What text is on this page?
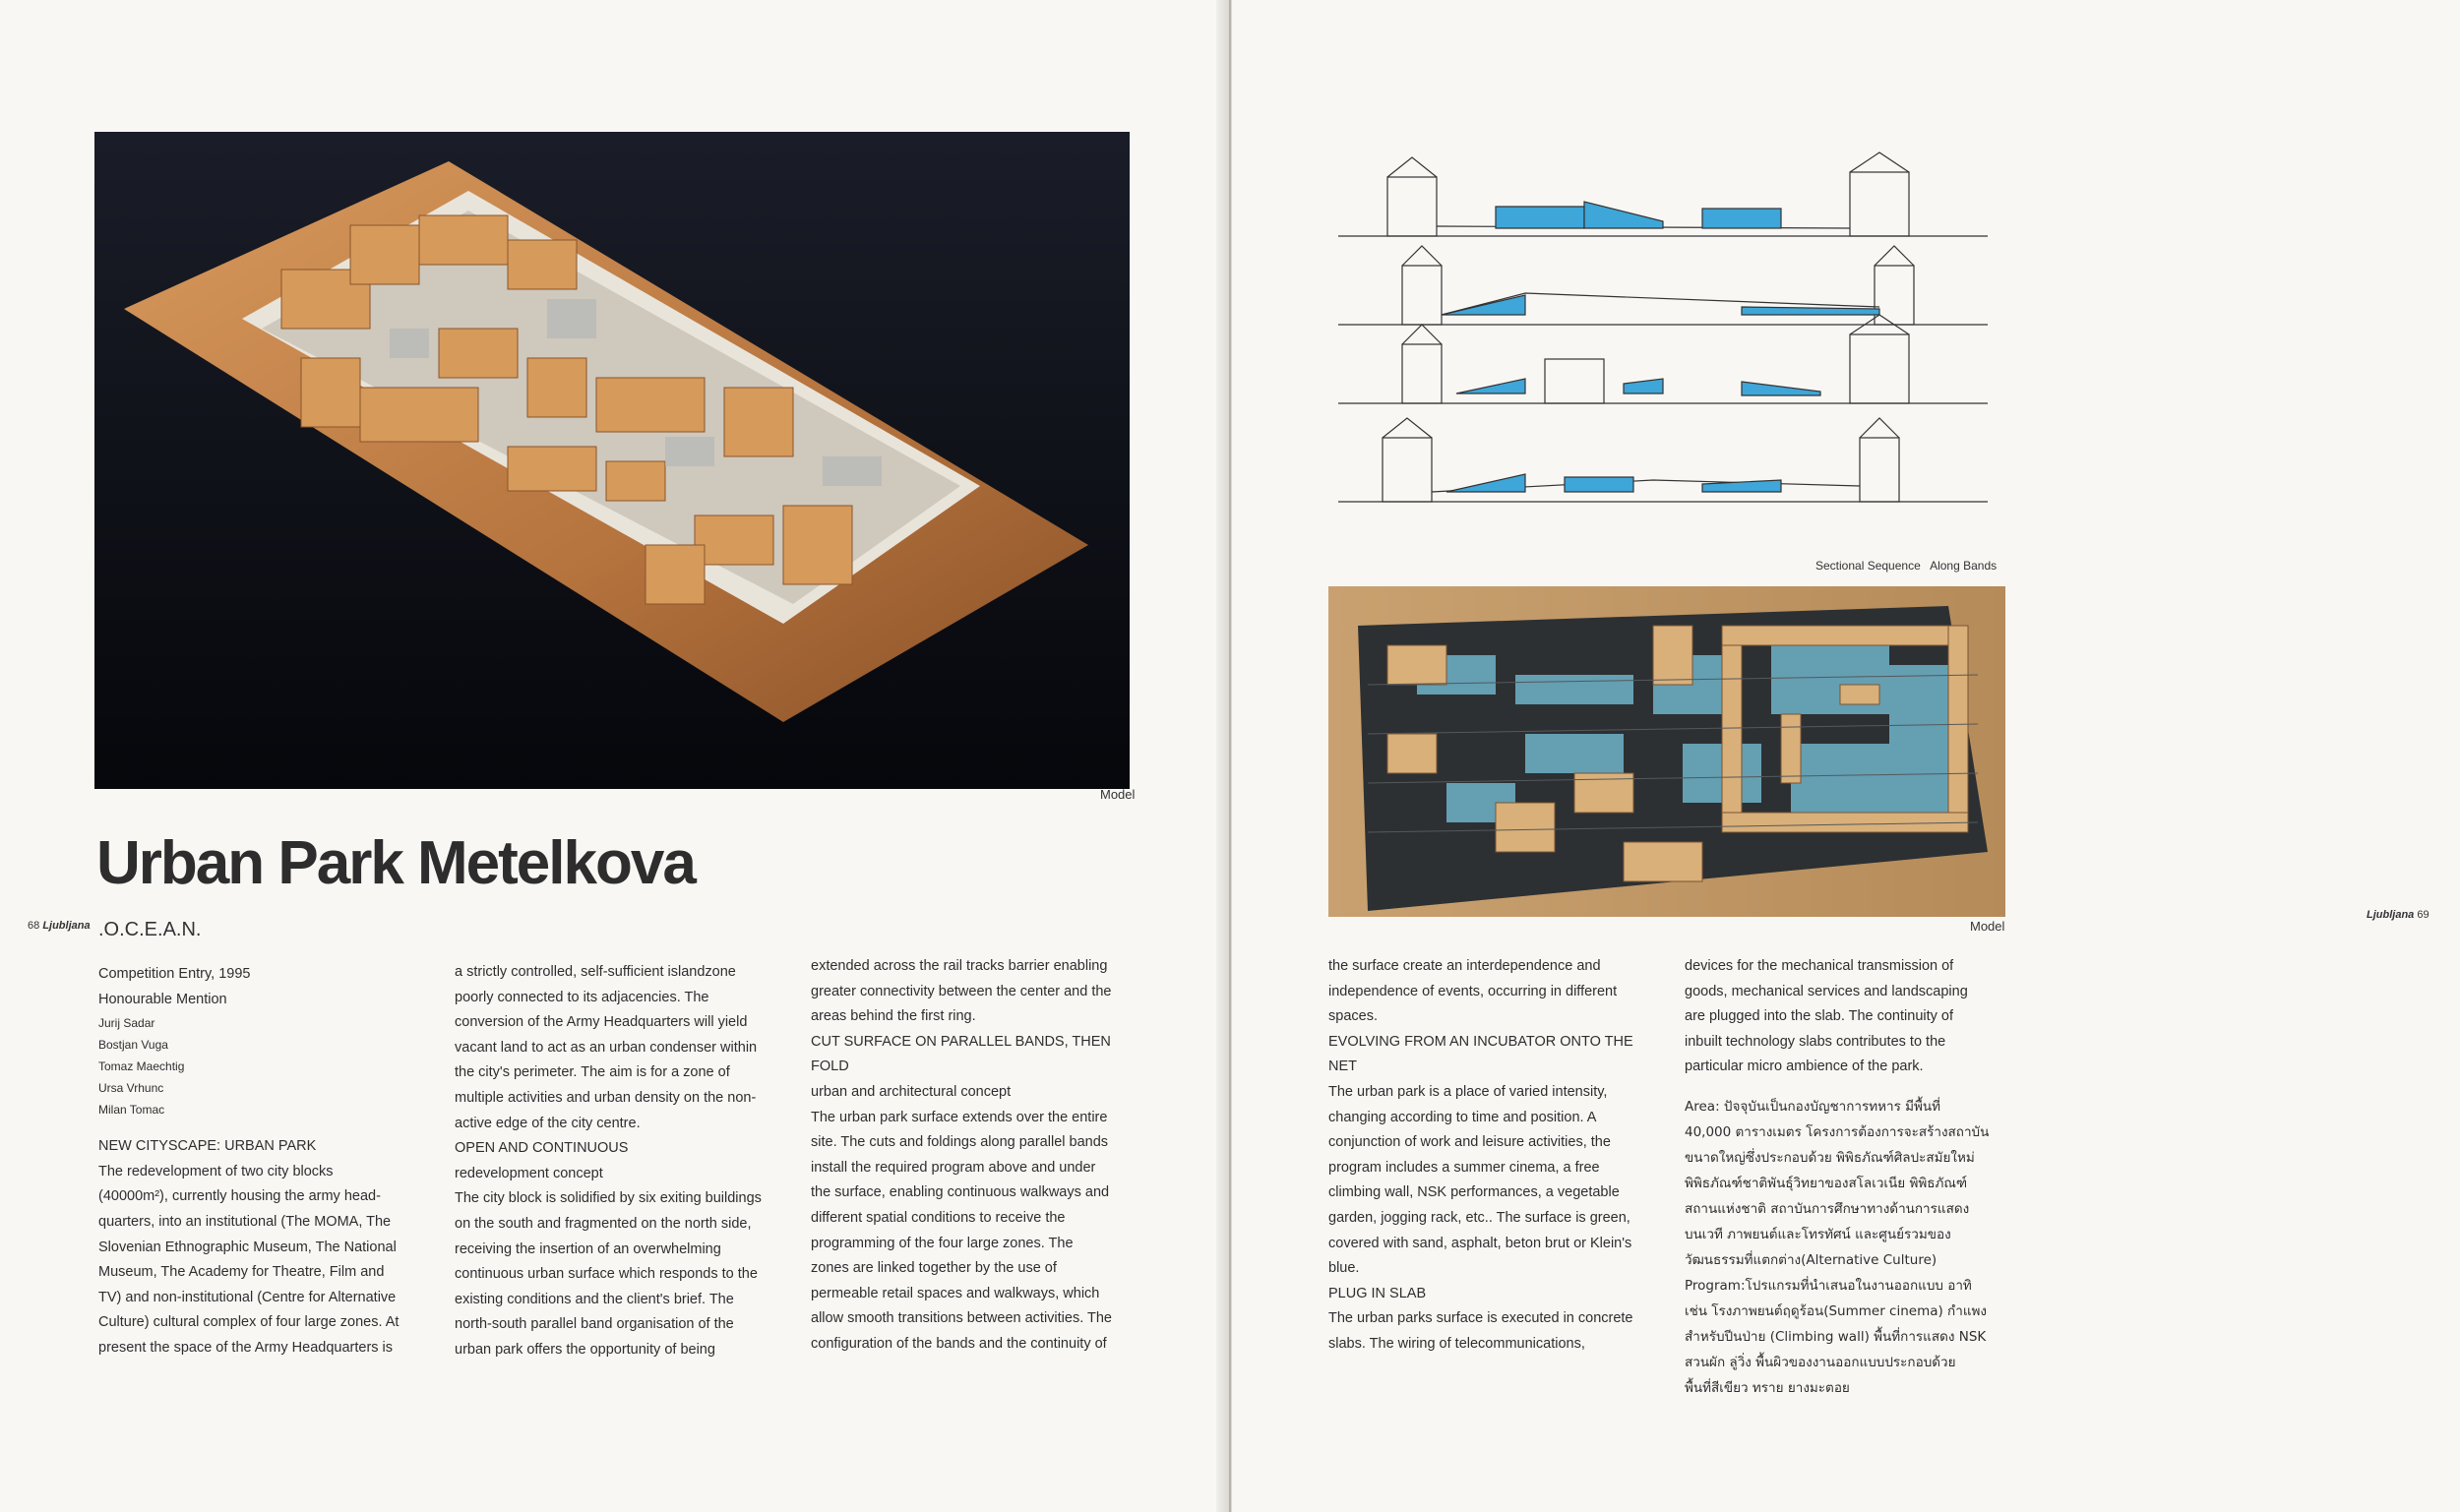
Model
Urban Park Metelkova
68 Ljubljana .O.C.E.A.N.

Competition Entry, 1995

Honourable Mention

Jurij Sadar
Bostjan Vuga
Tomaz Maechtig
Ursa Vrhunc
Milan Tomac

NEW CITYSCAPE: URBAN PARK

The redevelopment of two city blocks

(40000m²), currently housing the army head-

quarters, into an institutional (The MOMA, The

Slovenian Ethnographic Museum, The National

Museum, The Academy for Theatre, Film and

TV) and non-institutional (Centre for Alternative

Culture) cultural complex of four large zones. At

present the space of the Army Headquarters is

a strictly controlled, self-sufficient islandzone

poorly connected to its adjacencies. The

conversion of the Army Headquarters will yield

vacant land to act as an urban condenser within

the city's perimeter. The aim is for a zone of

multiple activities and urban density on the non-

active edge of the city centre.

OPEN AND CONTINUOUS

redevelopment concept

The city block is solidified by six exiting buildings

on the south and fragmented on the north side,

receiving the insertion of an overwhelming

continuous urban surface which responds to the

existing conditions and the client's brief. The

north-south parallel band organisation of the

urban park offers the opportunity of being

extended across the rail tracks barrier enabling

greater connectivity between the center and the

areas behind the first ring.

CUT SURFACE ON PARALLEL BANDS, THEN

FOLD

urban and architectural concept

The urban park surface extends over the entire

site. The cuts and foldings along parallel bands

install the required program above and under

the surface, enabling continuous walkways and

different spatial conditions to receive the

programming of the four large zones. The

zones are linked together by the use of

permeable retail spaces and walkways, which

allow smooth transitions between activities. The

configuration of the bands and the continuity of

Sectional Sequence   Along Bands
Model
Ljubljana 69

the surface create an interdependence and

independence of events, occurring in different

spaces.

EVOLVING FROM AN INCUBATOR ONTO THE

NET

The urban park is a place of varied intensity,

changing according to time and position. A

conjunction of work and leisure activities, the

program includes a summer cinema, a free

climbing wall, NSK performances, a vegetable

garden, jogging rack, etc.. The surface is green,

covered with sand, asphalt, beton brut or Klein's

blue.

PLUG IN SLAB

The urban parks surface is executed in concrete

slabs. The wiring of telecommunications,

devices for the mechanical transmission of

goods, mechanical services and landscaping

are plugged into the slab. The continuity of

inbuilt technology slabs contributes to the

particular micro ambience of the park.

Area: ปัจจุบันเป็นกองบัญชาการทหาร มีพื้นที่
40,000 ตารางเมตร โครงการต้องการจะสร้างสถาบัน
ขนาดใหญ่ซึ่งประกอบด้วย พิพิธภัณฑ์ศิลปะสมัยใหม่
พิพิธภัณฑ์ชาติพันธุ์วิทยาของสโลเวเนีย พิพิธภัณฑ์
สถานแห่งชาติ สถาบันการศึกษาทางด้านการแสดง
บนเวที ภาพยนต์และโทรทัศน์ และศูนย์รวมของ
วัฒนธรรมที่แตกต่าง(Alternative Culture)
Program:โปรแกรมที่นำเสนอในงานออกแบบ อาทิ
เช่น โรงภาพยนต์ฤดูร้อน(Summer cinema) กำแพง
สำหรับปีนป่าย (Climbing wall) พื้นที่การแสดง NSK
สวนผัก ลู่วิ่ง พื้นผิวของงานออกแบบประกอบด้วย
พื้นที่สีเขียว ทราย ยางมะตอย
